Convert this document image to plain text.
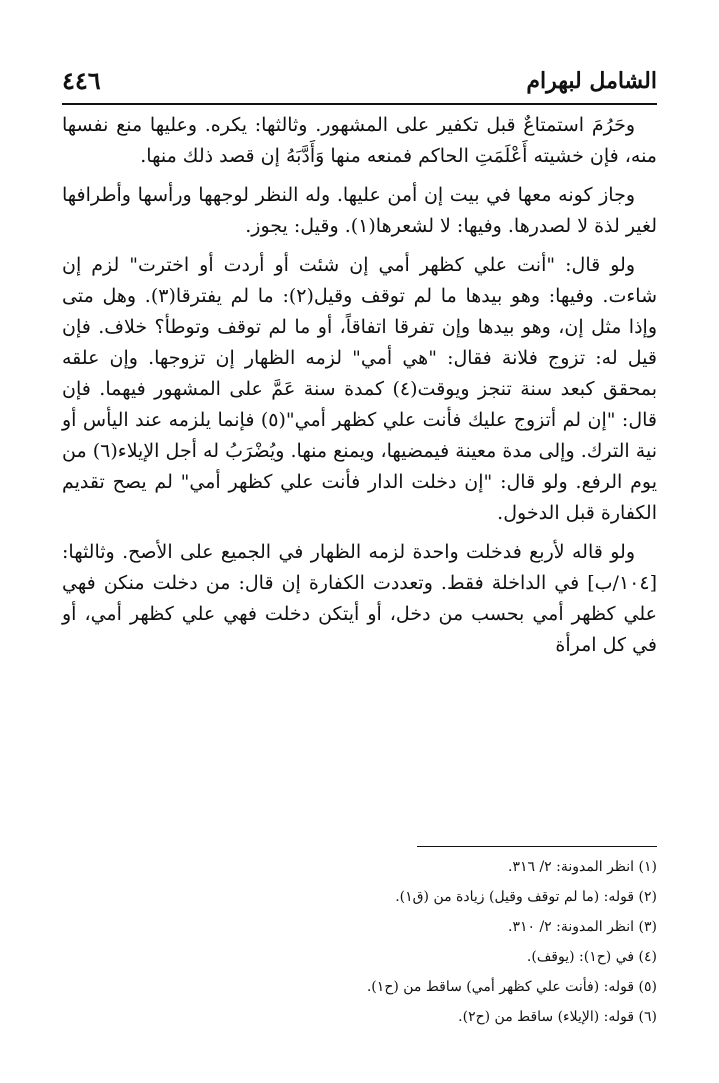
الشامل لبهرام
٤٤٦

وحَرُمَ استمتاعٌ قبل تكفير على المشهور. وثالثها: يكره. وعليها منع نفسها منه، فإن خشيته أَعْلَمَتِ الحاكم فمنعه منها وَأَدَّبَهُ إن قصد ذلك منها.

وجاز كونه معها في بيت إن أمن عليها. وله النظر لوجهها ورأسها وأطرافها لغير لذة لا لصدرها. وفيها: لا لشعرها(١). وقيل: يجوز.

ولو قال: "أنت علي كظهر أمي إن شئت أو أردت أو اخترت" لزم إن شاءت. وفيها: وهو بيدها ما لم توقف وقيل(٢): ما لم يفترقا(٣). وهل متى وإذا مثل إن، وهو بيدها وإن تفرقا اتفاقاً، أو ما لم توقف وتوطأ؟ خلاف. فإن قيل له: تزوج فلانة فقال: "هي أمي" لزمه الظهار إن تزوجها. وإن علقه بمحقق كبعد سنة تنجز ويوقت(٤) كمدة سنة عَمَّ على المشهور فيهما. فإن قال: "إن لم أتزوج عليك فأنت علي كظهر أمي"(٥) فإنما يلزمه عند اليأس أو نية الترك. وإلى مدة معينة فيمضيها، ويمنع منها. ويُضْرَبُ له أجل الإيلاء(٦) من يوم الرفع. ولو قال: "إن دخلت الدار فأنت علي كظهر أمي" لم يصح تقديم الكفارة قبل الدخول.

ولو قاله لأربع فدخلت واحدة لزمه الظهار في الجميع على الأصح. وثالثها: [١٠٤/ب] في الداخلة فقط. وتعددت الكفارة إن قال: من دخلت منكن فهي علي كظهر أمي بحسب من دخل، أو أيتكن دخلت فهي علي كظهر أمي، أو في كل امرأة

(١) انظر المدونة: ٢/ ٣١٦.

(٢) قوله: (ما لم توقف وقيل) زيادة من (ق١).

(٣) انظر المدونة: ٢/ ٣١٠.

(٤) في (ح١): (يوقف).

(٥) قوله: (فأنت علي كظهر أمي) ساقط من (ح١).

(٦) قوله: (الإيلاء) ساقط من (ح٢).
